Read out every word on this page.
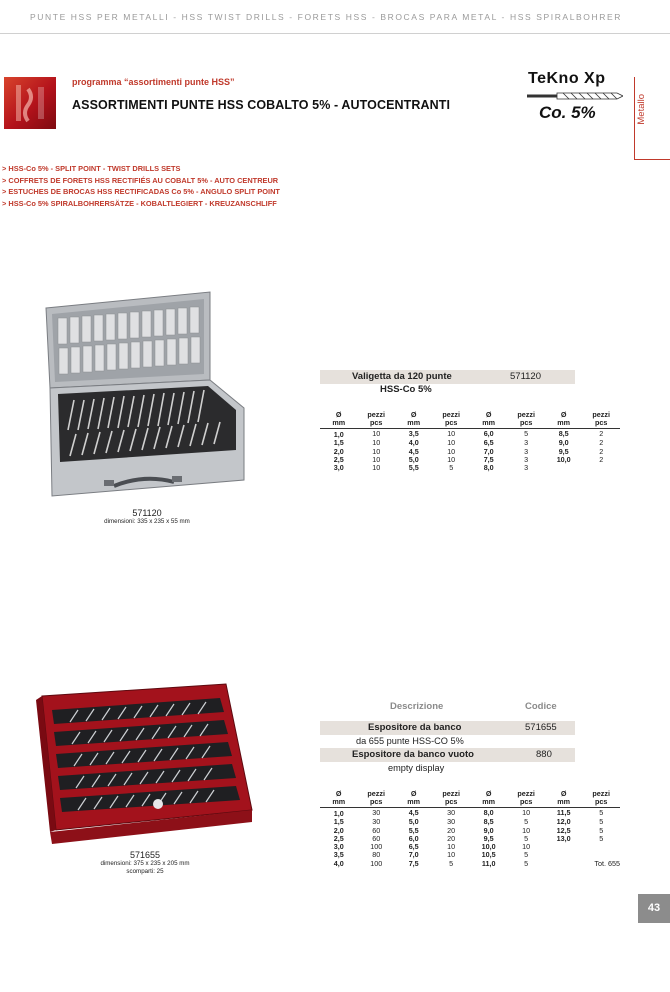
PUNTE HSS PER METALLI - HSS TWIST DRILLS - FORETS HSS - BROCAS PARA METAL - HSS SPIRALBOHRER
programma “assortimenti punte HSS”
ASSORTIMENTI PUNTE HSS COBALTO 5% - AUTOCENTRANTI
TeKno Xp
Co. 5%	Metallo
> HSS-Co 5% - SPLIT POINT - TWIST DRILLS SETS
> COFFRETS DE FORETS HSS RECTIFIÉS AU COBALT 5% - AUTO CENTREUR
> ESTUCHES DE BROCAS HSS RECTIFICADAS Co 5% - ANGULO SPLIT POINT
> HSS-Co 5% SPIRALBOHRERSÄTZE - KOBALTLEGIERT - KREUZANSCHLIFF
571120
dimensioni: 335 x 235 x 55 mm
Valigetta da 120 punte	571120
HSS-Co 5%
Ø	pezzi	Ø	pezzi	Ø	pezzi	Ø	pezzi
mm	pcs	mm	pcs	mm	pcs	mm	pcs
1,0	10	3,5	10	6,0	5	8,5	2
1,5	10	4,0	10	6,5	3	9,0	2
2,0	10	4,5	10	7,0	3	9,5	2
2,5	10	5,0	10	7,5	3	10,0	2
3,0	10	5,5	5	8,0	3		
571655
dimensioni: 375 x 235 x 205 mm
scomparti: 25
Descrizione	Codice
Espositore da banco	571655
da 655 punte HSS-CO 5%
Espositore da banco vuoto	880
empty display
Ø	pezzi	Ø	pezzi	Ø	pezzi	Ø	pezzi
mm	pcs	mm	pcs	mm	pcs	mm	pcs
1,0	30	4,5	30	8,0	10	11,5	5
1,5	30	5,0	30	8,5	5	12,0	5
2,0	60	5,5	20	9,0	10	12,5	5
2,5	60	6,0	20	9,5	5	13,0	5
3,0	100	6,5	10	10,0	10		
3,5	80	7,0	10	10,5	5		
4,0	100	7,5	5	11,0	5	Tot. 655	
43
